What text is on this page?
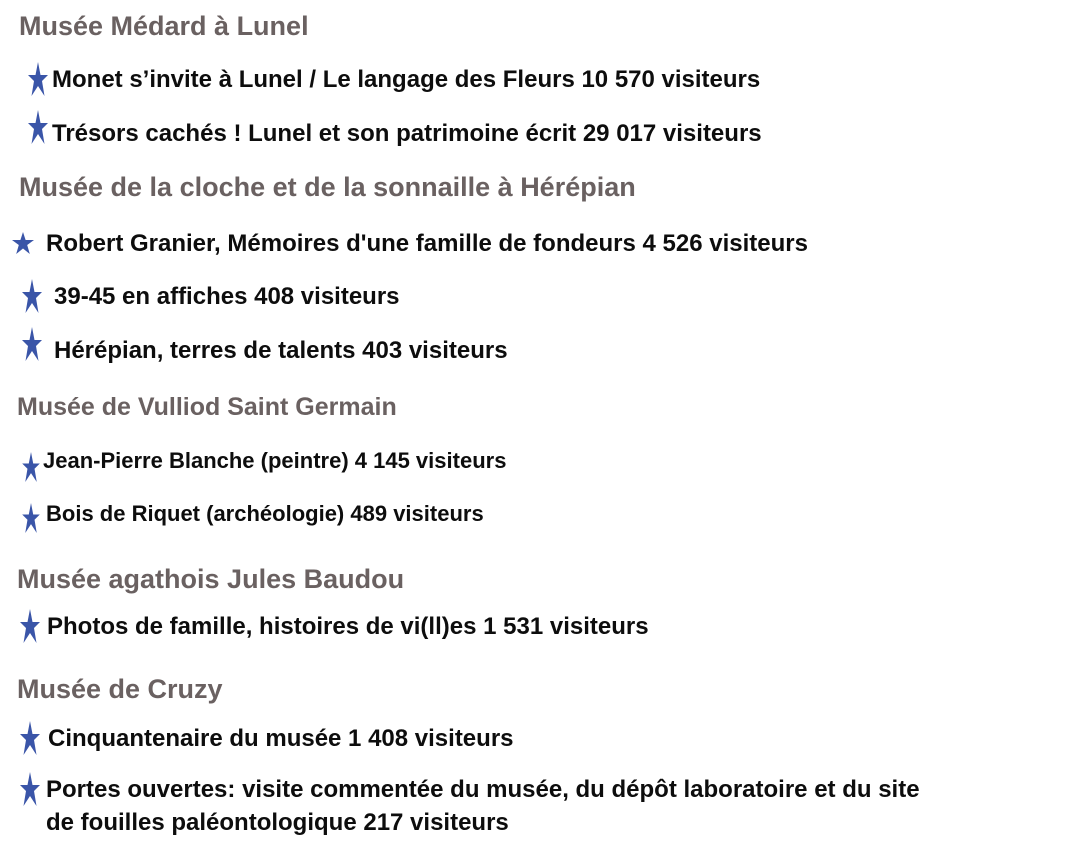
Musée Médard à Lunel
Monet s’invite à Lunel / Le langage des Fleurs 10 570 visiteurs
Trésors cachés ! Lunel et son patrimoine écrit 29 017 visiteurs
Musée de la cloche et de la sonnaille à Hérépian
Robert Granier, Mémoires d'une famille de fondeurs 4 526 visiteurs
39-45 en affiches 408 visiteurs
Hérépian, terres de talents 403 visiteurs
Musée de Vulliod Saint Germain
Jean-Pierre Blanche (peintre) 4 145 visiteurs
Bois de Riquet (archéologie) 489 visiteurs
Musée agathois Jules Baudou
Photos de famille, histoires de vi(ll)es 1 531 visiteurs
Musée de Cruzy
Cinquantenaire du musée 1 408 visiteurs
Portes ouvertes: visite commentée du musée, du dépôt laboratoire et du site
de fouilles paléontologique 217 visiteurs
